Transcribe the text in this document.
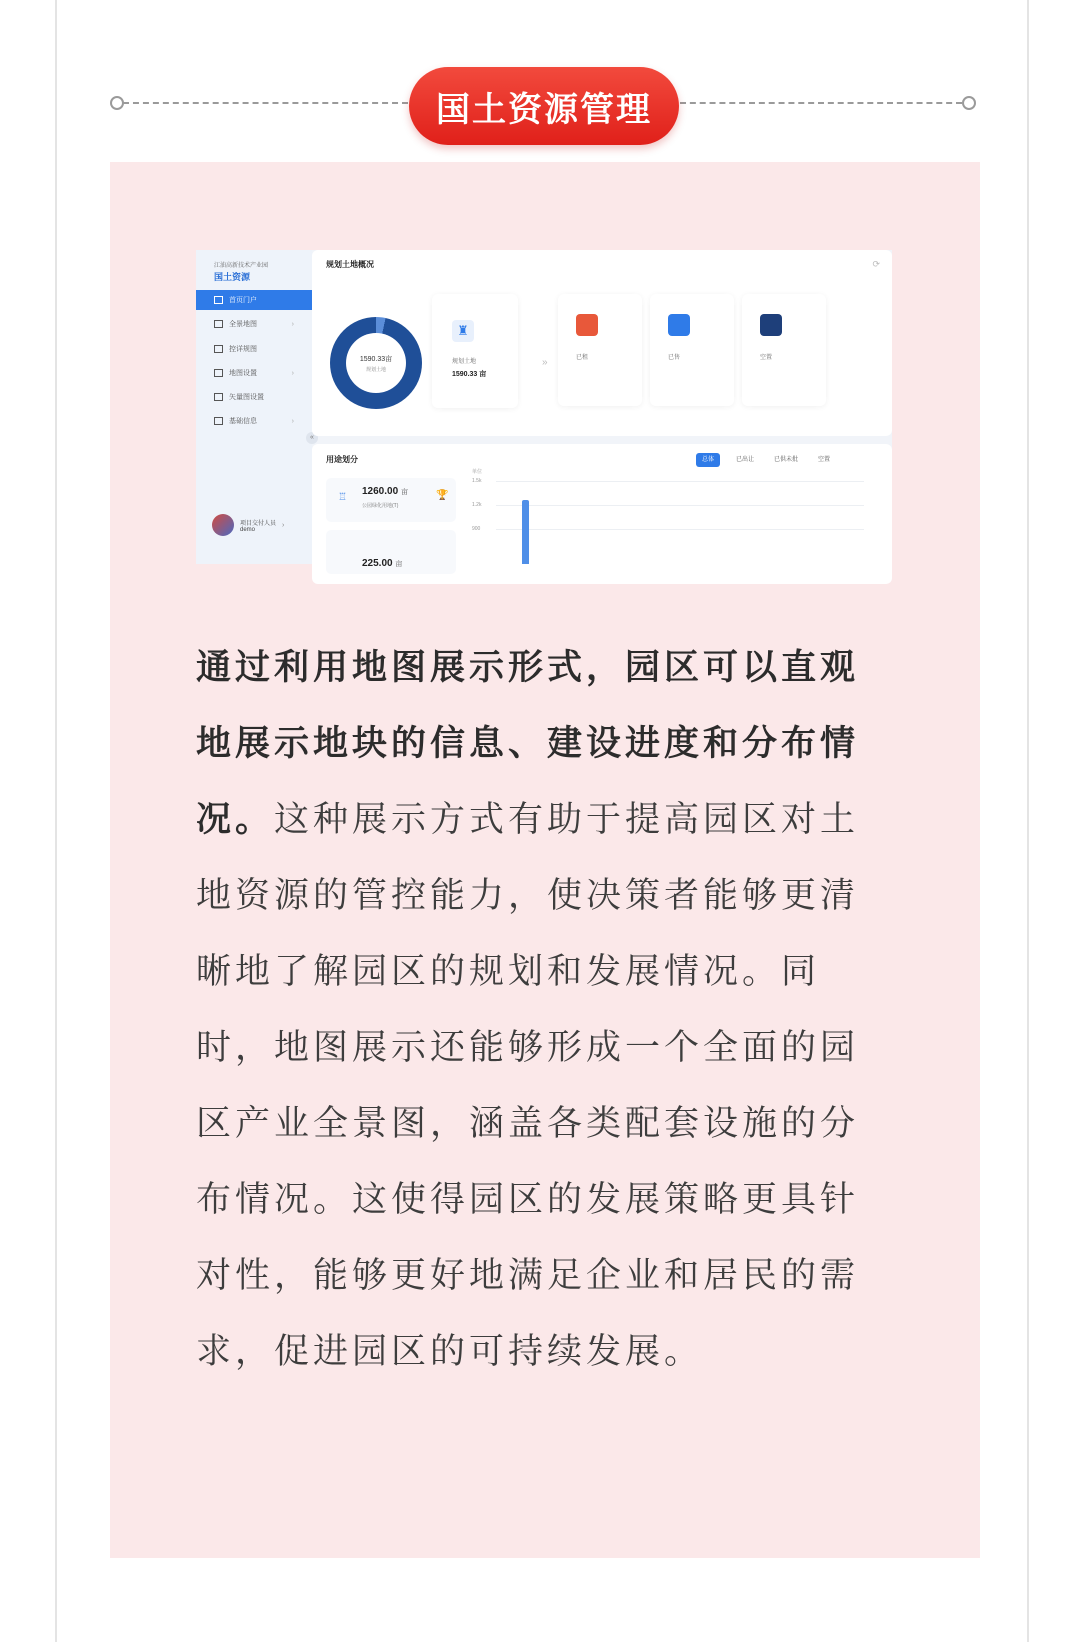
国土资源管理
江油高新技术产业园
国土资源
首页门户
全景地图	›
控详规图
地图设置	›
矢量图设置
基础信息	›
项目交付人员
demo
›
«
规划土地概况	⟳
1590.33亩
规划土地
♜
规划土地
1590.33 亩
»	已租	已售	空置
用途划分	总体	已出让	已供未批	空置
♖
1260.00 亩
公园绿化用地(T)
🏆
225.00 亩
单位
1.5k
1.2k
900
通过利用地图展示形式，园区可以直观
地展示地块的信息、建设进度和分布情
况。这种展示方式有助于提高园区对土
地资源的管控能力，使决策者能够更清
晰地了解园区的规划和发展情况。同
时，地图展示还能够形成一个全面的园
区产业全景图，涵盖各类配套设施的分
布情况。这使得园区的发展策略更具针
对性，能够更好地满足企业和居民的需
求，促进园区的可持续发展。
